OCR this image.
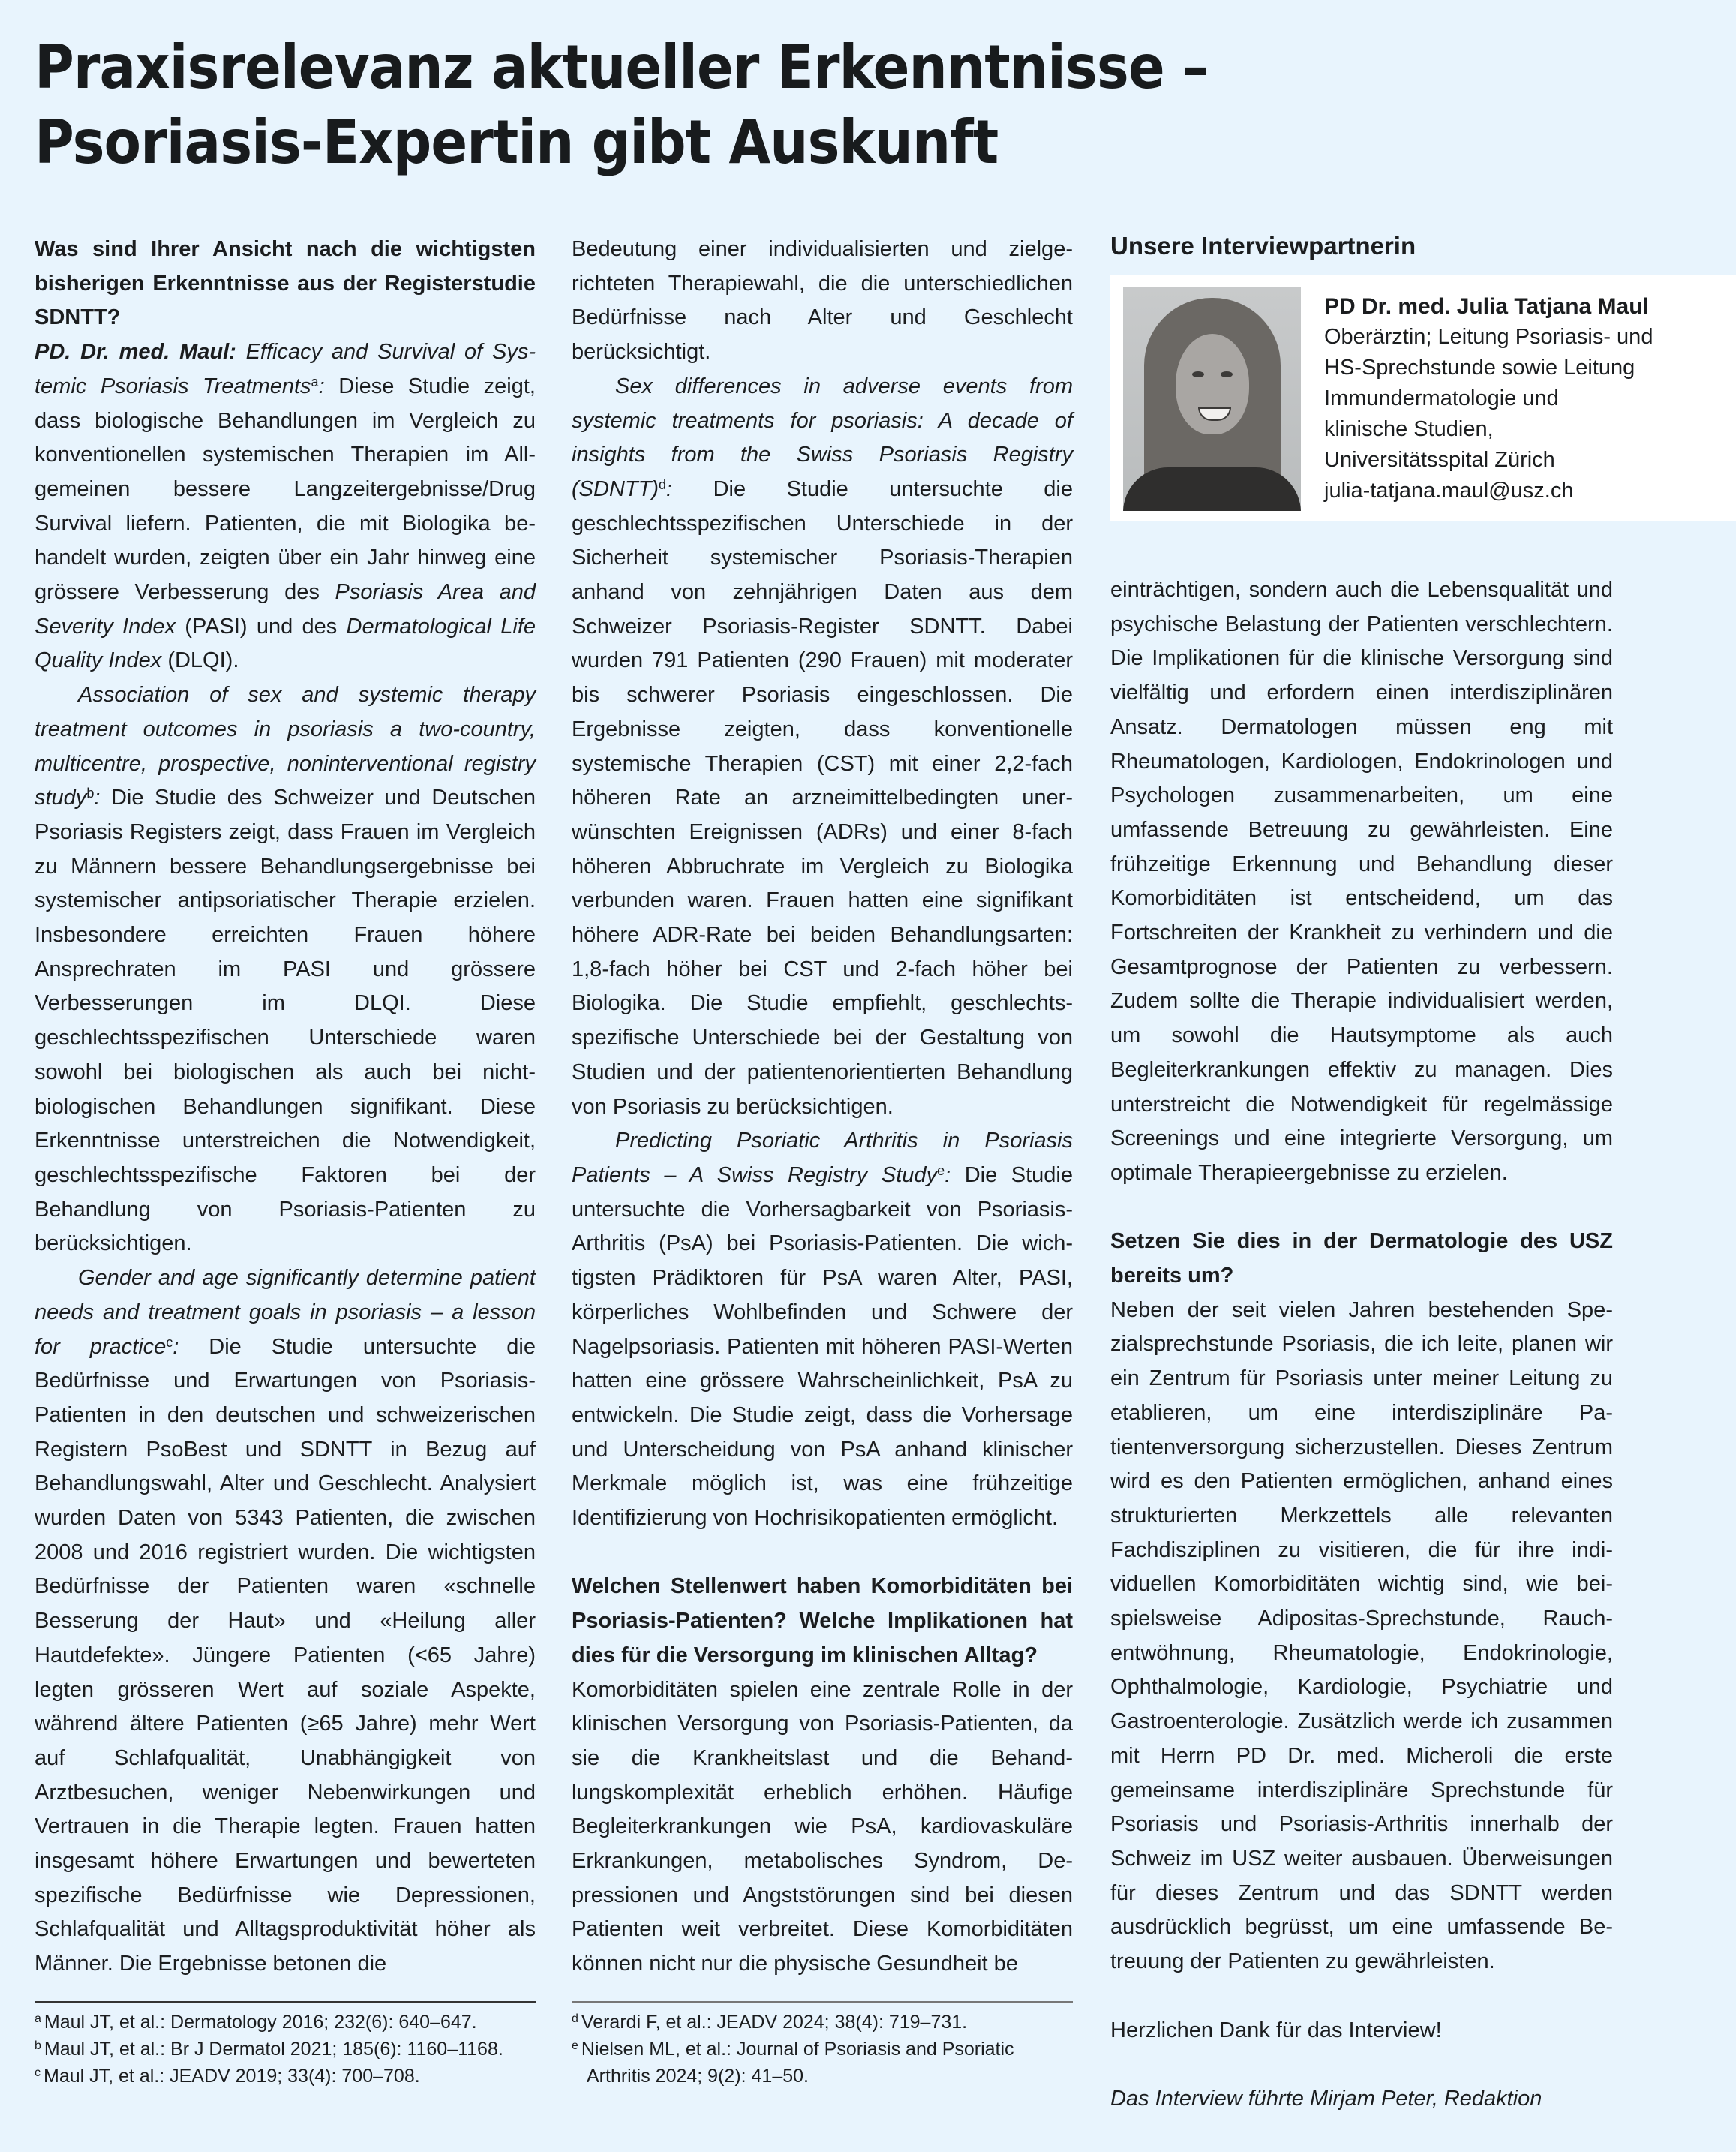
Praxisrelevanz aktueller Erkenntnisse –
Psoriasis-Expertin gibt Auskunft

Was sind Ihrer Ansicht nach die wichtigsten bisherigen Erkenntnisse aus der Registerstudie SDNTT?

PD. Dr. med. Maul: Efficacy and Survival of Systemic Psoriasis Treatments$^a$: Diese Studie zeigt, dass biologische Behandlungen im Vergleich zu konventionellen systemischen Therapien im Allgemeinen bessere Langzeitergebnisse/Drug Survival liefern. Patienten, die mit Biologika behandelt wurden, zeigten über ein Jahr hinweg eine grössere Verbesserung des Psoriasis Area and Severity Index (PASI) und des Dermatological Life Quality Index (DLQI).

Association of sex and systemic therapy treatment outcomes in psoriasis a two-country, multicentre, prospective, noninterventional registry study$^b$: Die Studie des Schweizer und Deutschen Psoriasis Registers zeigt, dass Frauen im Vergleich zu Männern bessere Behandlungsergebnisse bei systemischer antipsoriatischer Therapie erzielen. Insbesondere erreichten Frauen höhere Ansprechraten im PASI und grössere Verbesserungen im DLQI. Diese geschlechtsspezifischen Unterschiede waren sowohl bei biologischen als auch bei nicht-biologischen Behandlungen signifikant. Diese Erkenntnisse unterstreichen die Notwendigkeit, geschlechtsspezifische Faktoren bei der Behandlung von Psoriasis-Patienten zu berücksichtigen.

Gender and age significantly determine patient needs and treatment goals in psoriasis – a lesson for practice$^c$: Die Studie untersuchte die Bedürfnisse und Erwartungen von Psoriasis-Patienten in den deutschen und schweizerischen Registern PsoBest und SDNTT in Bezug auf Behandlungswahl, Alter und Geschlecht. Analysiert wurden Daten von 5343 Patienten, die zwischen 2008 und 2016 registriert wurden. Die wichtigsten Bedürfnisse der Patienten waren «schnelle Besserung der Haut» und «Heilung aller Hautdefekte». Jüngere Patienten (<65 Jahre) legten grösseren Wert auf soziale Aspekte, während ältere Patienten (≥65 Jahre) mehr Wert auf Schlafqualität, Unabhängigkeit von Arztbesuchen, weniger Nebenwirkungen und Vertrauen in die Therapie legten. Frauen hatten insgesamt höhere Erwartungen und bewerteten spezifische Bedürfnisse wie Depressionen, Schlafqualität und Alltagsproduktivität höher als Männer. Die Ergebnisse betonen die

$^a$ Maul JT, et al.: Dermatology 2016; 232(6): 640–647.

$^b$ Maul JT, et al.: Br J Dermatol 2021; 185(6): 1160–1168.

$^c$ Maul JT, et al.: JEADV 2019; 33(4): 700–708.

Bedeutung einer individualisierten und zielgerichteten Therapiewahl, die die unterschiedlichen Bedürfnisse nach Alter und Geschlecht berücksichtigt.

Sex differences in adverse events from systemic treatments for psoriasis: A decade of insights from the Swiss Psoriasis Registry (SDNTT)$^d$: Die Studie untersuchte die geschlechtsspezifischen Unterschiede in der Sicherheit systemischer Psoriasis-Therapien anhand von zehnjährigen Daten aus dem Schweizer Psoriasis-Register SDNTT. Dabei wurden 791 Patienten (290 Frauen) mit moderater bis schwerer Psoriasis eingeschlossen. Die Ergebnisse zeigten, dass konventionelle systemische Therapien (CST) mit einer 2,2-fach höheren Rate an arzneimittelbedingten unerwünschten Ereignissen (ADRs) und einer 8-fach höheren Abbruchrate im Vergleich zu Biologika verbunden waren. Frauen hatten eine signifikant höhere ADR-Rate bei beiden Behandlungsarten: 1,8-fach höher bei CST und 2-fach höher bei Biologika. Die Studie empfiehlt, geschlechtsspezifische Unterschiede bei der Gestaltung von Studien und der patientenorientierten Behandlung von Psoriasis zu berücksichtigen.

Predicting Psoriatic Arthritis in Psoriasis Patients – A Swiss Registry Study$^e$: Die Studie untersuchte die Vorhersagbarkeit von Psoriasis-Arthritis (PsA) bei Psoriasis-Patienten. Die wichtigsten Prädiktoren für PsA waren Alter, PASI, körperliches Wohlbefinden und Schwere der Nagelpsoriasis. Patienten mit höheren PASI-Werten hatten eine grössere Wahrscheinlichkeit, PsA zu entwickeln. Die Studie zeigt, dass die Vorhersage und Unterscheidung von PsA anhand klinischer Merkmale möglich ist, was eine frühzeitige Identifizierung von Hochrisikopatienten ermöglicht.

Welchen Stellenwert haben Komorbiditäten bei Psoriasis-Patienten? Welche Implikationen hat dies für die Versorgung im klinischen Alltag?

Komorbiditäten spielen eine zentrale Rolle in der klinischen Versorgung von Psoriasis-Patienten, da sie die Krankheitslast und die Behandlungskomplexität erheblich erhöhen. Häufige Begleiterkrankungen wie PsA, kardiovaskuläre Erkrankungen, metabolisches Syndrom, Depressionen und Angststörungen sind bei diesen Patienten weit verbreitet. Diese Komorbiditäten können nicht nur die physische Gesundheit be

$^d$ Verardi F, et al.: JEADV 2024; 38(4): 719–731.

$^e$ Nielsen ML, et al.: Journal of Psoriasis and Psoriatic Arthritis 2024; 9(2): 41–50.

Unsere Interviewpartnerin
PD Dr. med. Julia Tatjana Maul
Oberärztin; Leitung Psoriasis- und
HS-Sprechstunde sowie Leitung
Immundermatologie und
klinische Studien,
Universitätsspital Zürich
julia-tatjana.maul@usz.ch

einträchtigen, sondern auch die Lebensqualität und psychische Belastung der Patienten verschlechtern. Die Implikationen für die klinische Versorgung sind vielfältig und erfordern einen interdisziplinären Ansatz. Dermatologen müssen eng mit Rheumatologen, Kardiologen, Endokrinologen und Psychologen zusammenarbeiten, um eine umfassende Betreuung zu gewährleisten. Eine frühzeitige Erkennung und Behandlung dieser Komorbiditäten ist entscheidend, um das Fortschreiten der Krankheit zu verhindern und die Gesamtprognose der Patienten zu verbessern. Zudem sollte die Therapie individualisiert werden, um sowohl die Hautsymptome als auch Begleiterkrankungen effektiv zu managen. Dies unterstreicht die Notwendigkeit für regelmässige Screenings und eine integrierte Versorgung, um optimale Therapieergebnisse zu erzielen.

Setzen Sie dies in der Dermatologie des USZ bereits um?

Neben der seit vielen Jahren bestehenden Spezialsprechstunde Psoriasis, die ich leite, planen wir ein Zentrum für Psoriasis unter meiner Leitung zu etablieren, um eine interdisziplinäre Patientenversorgung sicherzustellen. Dieses Zentrum wird es den Patienten ermöglichen, anhand eines strukturierten Merkzettels alle relevanten Fachdisziplinen zu visitieren, die für ihre individuellen Komorbiditäten wichtig sind, wie beispielsweise Adipositas-Sprechstunde, Rauchentwöhnung, Rheumatologie, Endokrinologie, Ophthalmologie, Kardiologie, Psychiatrie und Gastroenterologie. Zusätzlich werde ich zusammen mit Herrn PD Dr. med. Micheroli die erste gemeinsame interdisziplinäre Sprechstunde für Psoriasis und Psoriasis-Arthritis innerhalb der Schweiz im USZ weiter ausbauen. Überweisungen für dieses Zentrum und das SDNTT werden ausdrücklich begrüsst, um eine umfassende Betreuung der Patienten zu gewährleisten.

Herzlichen Dank für das Interview!

Das Interview führte Mirjam Peter, Redaktion
